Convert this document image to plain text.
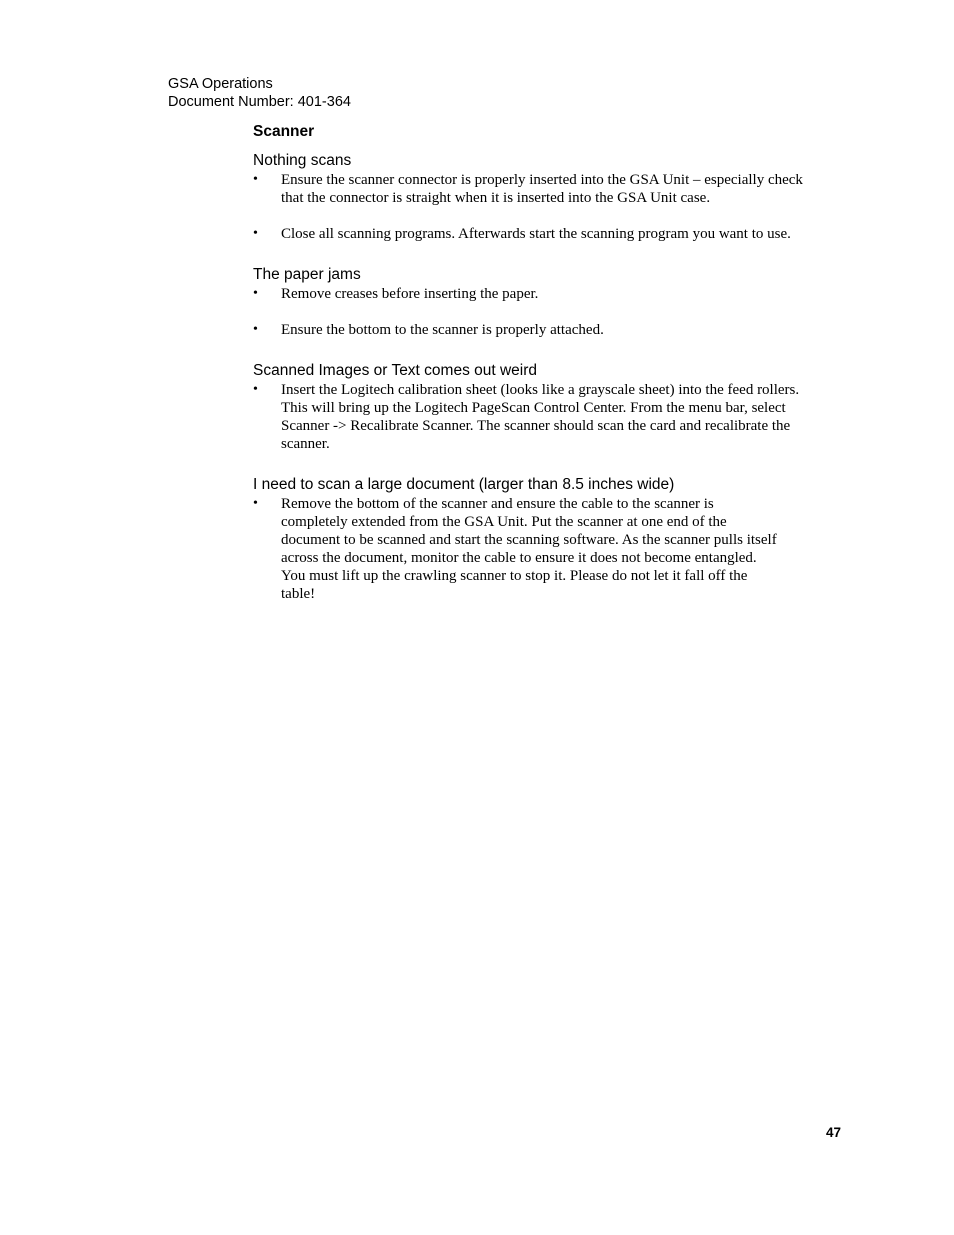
GSA Operations
Document Number: 401-364
Scanner
Nothing scans
•	Ensure the scanner connector is properly inserted into the GSA Unit – especially check that the connector is straight when it is inserted into the GSA Unit case.
•	Close all scanning programs. Afterwards start the scanning program you want to use.
The paper jams
•	Remove creases before inserting the paper.
•	Ensure the bottom to the scanner is properly attached.
Scanned Images or Text comes out weird
•	Insert the Logitech calibration sheet (looks like a grayscale sheet) into the feed rollers. This will bring up the Logitech PageScan Control Center. From the menu bar, select Scanner -> Recalibrate Scanner. The scanner should scan the card and recalibrate the scanner.
I need to scan a large document (larger than 8.5 inches wide)
•	Remove the bottom of the scanner and ensure the cable to the scanner is completely extended from the GSA Unit. Put the scanner at one end of the document to be scanned and start the scanning software. As the scanner pulls itself across the document, monitor the cable to ensure it does not become entangled. You must lift up the crawling scanner to stop it. Please do not let it fall off the table!
47
